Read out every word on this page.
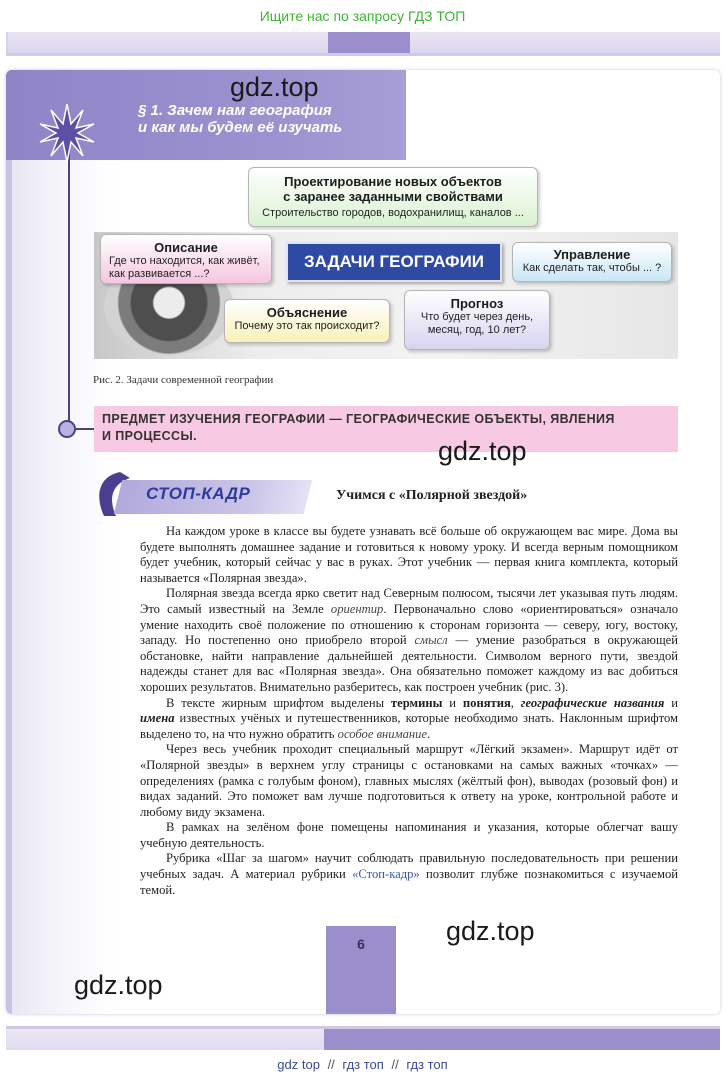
Ищите нас по запросу ГДЗ ТОП
§ 1. Зачем нам география
и как мы будем её изучать
Проектирование новых объектов
с заранее заданными свойствами
Строительство городов, водохранилищ, каналов ...
Описание
Где что находится, как живёт,
как развивается ...?
ЗАДАЧИ ГЕОГРАФИИ	Управление
Как сделать так, чтобы ... ?
Объяснение
Почему это так происходит?
Прогноз
Что будет через день,
месяц, год, 10 лет?
Рис. 2. Задачи современной географии
ПРЕДМЕТ ИЗУЧЕНИЯ ГЕОГРАФИИ — ГЕОГРАФИЧЕСКИЕ ОБЪЕКТЫ, ЯВЛЕНИЯ
И ПРОЦЕССЫ.
СТОП-КАДР	Учимся с «Полярной звездой»

На каждом уроке в классе вы будете узнавать всё больше об окружающем вас мире. Дома вы будете выполнять домашнее задание и готовиться к новому уроку. И всегда верным помощником будет учебник, который сейчас у вас в руках. Этот учебник — первая книга комплекта, который называется «Полярная звезда».

Полярная звезда всегда ярко светит над Северным полюсом, тысячи лет указывая путь людям. Это самый известный на Земле ориентир. Первоначально слово «ориентироваться» означало умение находить своё положение по отношению к сторонам горизонта — северу, югу, востоку, западу. Но постепенно оно приобрело второй смысл — умение разобраться в окружающей обстановке, найти направление дальнейшей деятельности. Символом верного пути, звездой надежды станет для вас «Полярная звезда». Она обязательно поможет каждому из вас добиться хороших результатов. Внимательно разберитесь, как построен учебник (рис. 3).

В тексте жирным шрифтом выделены термины и понятия, географические названия и имена известных учёных и путешественников, которые необходимо знать. Наклонным шрифтом выделено то, на что нужно обратить особое внимание.

Через весь учебник проходит специальный маршрут «Лёгкий экзамен». Маршрут идёт от «Полярной звезды» в верхнем углу страницы с остановками на самых важных «точках» — определениях (рамка с голубым фоном), главных мыслях (жёлтый фон), выводах (розовый фон) и видах заданий. Это поможет вам лучше подготовиться к ответу на уроке, контрольной работе и любому виду экзамена.

В рамках на зелёном фоне помещены напоминания и указания, которые облегчат вашу учебную деятельность.

Рубрика «Шаг за шагом» научит соблюдать правильную последовательность при решении учебных задач. А материал рубрики «Стоп-кадр» позволит глубже познакомиться с изучаемой темой.

6
gdz.top
gdz.top
gdz.top
gdz.top
gdz top // гдз топ // гдз топ
